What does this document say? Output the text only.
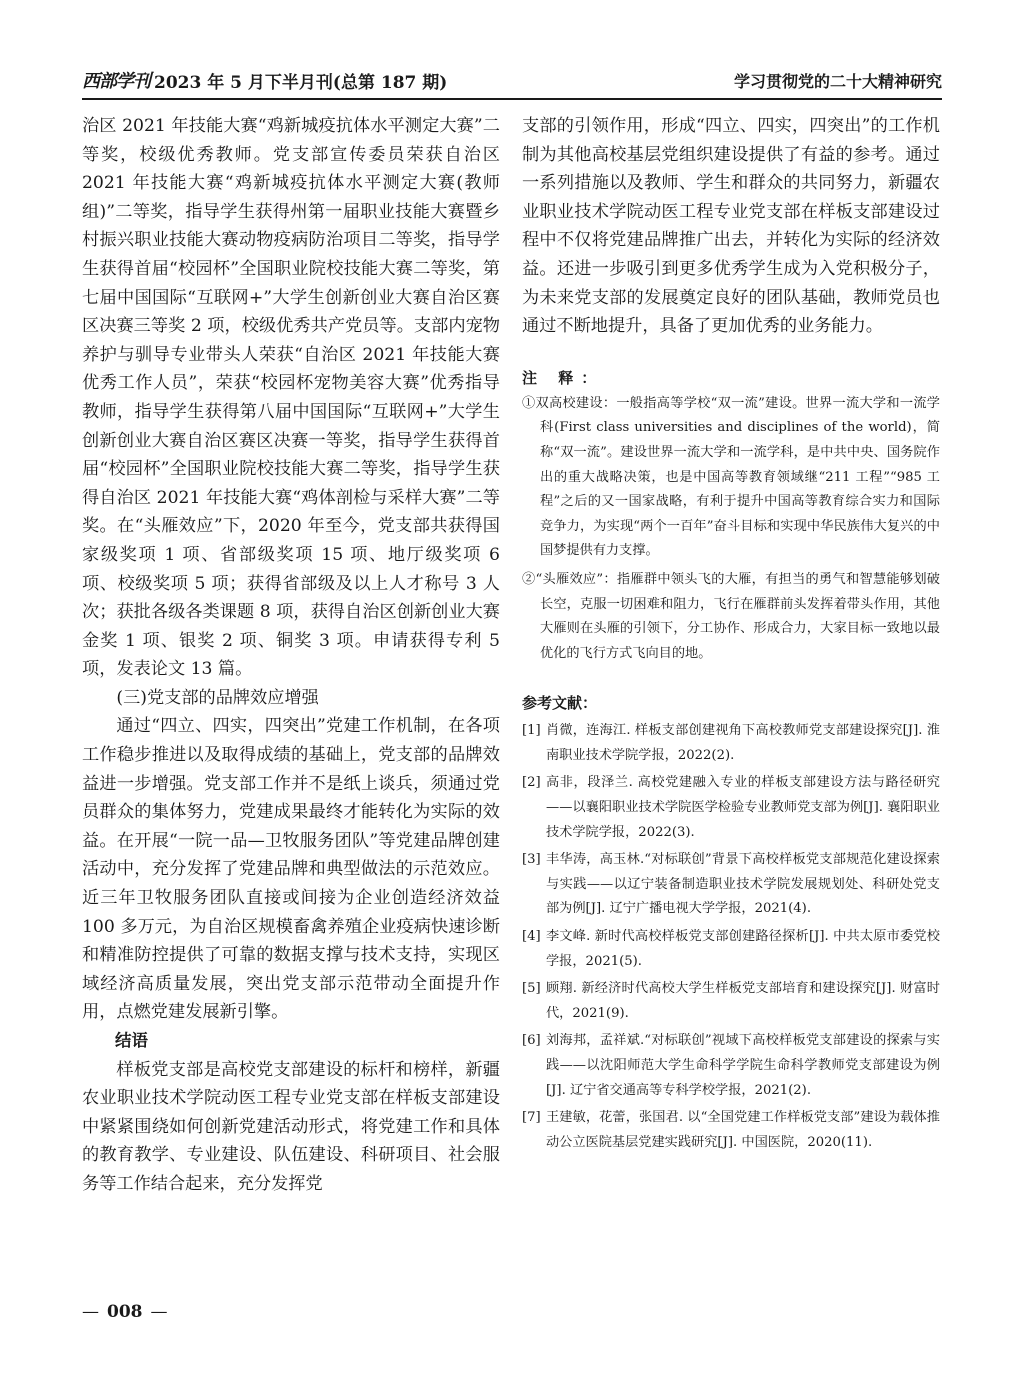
西部学刊 2023 年 5 月下半月刊(总第 187 期)	学习贯彻党的二十大精神研究

治区 2021 年技能大赛“鸡新城疫抗体水平测定大赛”二等奖，校级优秀教师。党支部宣传委员荣获自治区 2021 年技能大赛“鸡新城疫抗体水平测定大赛(教师组)”二等奖，指导学生获得州第一届职业技能大赛暨乡村振兴职业技能大赛动物疫病防治项目二等奖，指导学生获得首届“校园杯”全国职业院校技能大赛二等奖，第七届中国国际“互联网+”大学生创新创业大赛自治区赛区决赛三等奖 2 项，校级优秀共产党员等。支部内宠物养护与驯导专业带头人荣获“自治区 2021 年技能大赛优秀工作人员”，荣获“校园杯宠物美容大赛”优秀指导教师，指导学生获得第八届中国国际“互联网+”大学生创新创业大赛自治区赛区决赛一等奖，指导学生获得首届“校园杯”全国职业院校技能大赛二等奖，指导学生获得自治区 2021 年技能大赛“鸡体剖检与采样大赛”二等奖。在“头雁效应”下，2020 年至今，党支部共获得国家级奖项 1 项、省部级奖项 15 项、地厅级奖项 6 项、校级奖项 5 项；获得省部级及以上人才称号 3 人次；获批各级各类课题 8 项，获得自治区创新创业大赛金奖 1 项、银奖 2 项、铜奖 3 项。申请获得专利 5 项，发表论文 13 篇。

(三)党支部的品牌效应增强

通过“四立、四实，四突出”党建工作机制，在各项工作稳步推进以及取得成绩的基础上，党支部的品牌效益进一步增强。党支部工作并不是纸上谈兵，须通过党员群众的集体努力，党建成果最终才能转化为实际的效益。在开展“一院一品—卫牧服务团队”等党建品牌创建活动中，充分发挥了党建品牌和典型做法的示范效应。近三年卫牧服务团队直接或间接为企业创造经济效益 100 多万元，为自治区规模畜禽养殖企业疫病快速诊断和精准防控提供了可靠的数据支撑与技术支持，实现区域经济高质量发展，突出党支部示范带动全面提升作用，点燃党建发展新引擎。

结语

样板党支部是高校党支部建设的标杆和榜样，新疆农业职业技术学院动医工程专业党支部在样板支部建设中紧紧围绕如何创新党建活动形式，将党建工作和具体的教育教学、专业建设、队伍建设、科研项目、社会服务等工作结合起来，充分发挥党

支部的引领作用，形成“四立、四实，四突出”的工作机制为其他高校基层党组织建设提供了有益的参考。通过一系列措施以及教师、学生和群众的共同努力，新疆农业职业技术学院动医工程专业党支部在样板支部建设过程中不仅将党建品牌推广出去，并转化为实际的经济效益。还进一步吸引到更多优秀学生成为入党积极分子，为未来党支部的发展奠定良好的团队基础，教师党员也通过不断地提升，具备了更加优秀的业务能力。

注 释：

①双高校建设：一般指高等学校“双一流”建设。世界一流大学和一流学科(First class universities and disciplines of the world)，简称“双一流”。建设世界一流大学和一流学科，是中共中央、国务院作出的重大战略决策，也是中国高等教育领域继“211 工程”“985 工程”之后的又一国家战略，有利于提升中国高等教育综合实力和国际竞争力，为实现“两个一百年”奋斗目标和实现中华民族伟大复兴的中国梦提供有力支撑。

②“头雁效应”：指雁群中领头飞的大雁，有担当的勇气和智慧能够划破长空，克服一切困难和阻力，飞行在雁群前头发挥着带头作用，其他大雁则在头雁的引领下，分工协作、形成合力，大家目标一致地以最优化的飞行方式飞向目的地。

参考文献：

[1] 肖微，连海江. 样板支部创建视角下高校教师党支部建设探究[J]. 淮南职业技术学院学报，2022(2).
[2] 高非，段泽兰. 高校党建融入专业的样板支部建设方法与路径研究——以襄阳职业技术学院医学检验专业教师党支部为例[J]. 襄阳职业技术学院学报，2022(3).
[3] 丰华涛，高玉林.“对标联创”背景下高校样板党支部规范化建设探索与实践——以辽宁装备制造职业技术学院发展规划处、科研处党支部为例[J]. 辽宁广播电视大学学报，2021(4).
[4] 李文峰. 新时代高校样板党支部创建路径探析[J]. 中共太原市委党校学报，2021(5).
[5] 顾翔. 新经济时代高校大学生样板党支部培育和建设探究[J]. 财富时代，2021(9).
[6] 刘海邦，孟祥斌.“对标联创”视域下高校样板党支部建设的探索与实践——以沈阳师范大学生命科学学院生命科学教师党支部建设为例[J]. 辽宁省交通高等专科学校学报，2021(2).
[7] 王建敏，花蕾，张国君. 以“全国党建工作样板党支部”建设为载体推动公立医院基层党建实践研究[J]. 中国医院，2020(11).
— 008 —
